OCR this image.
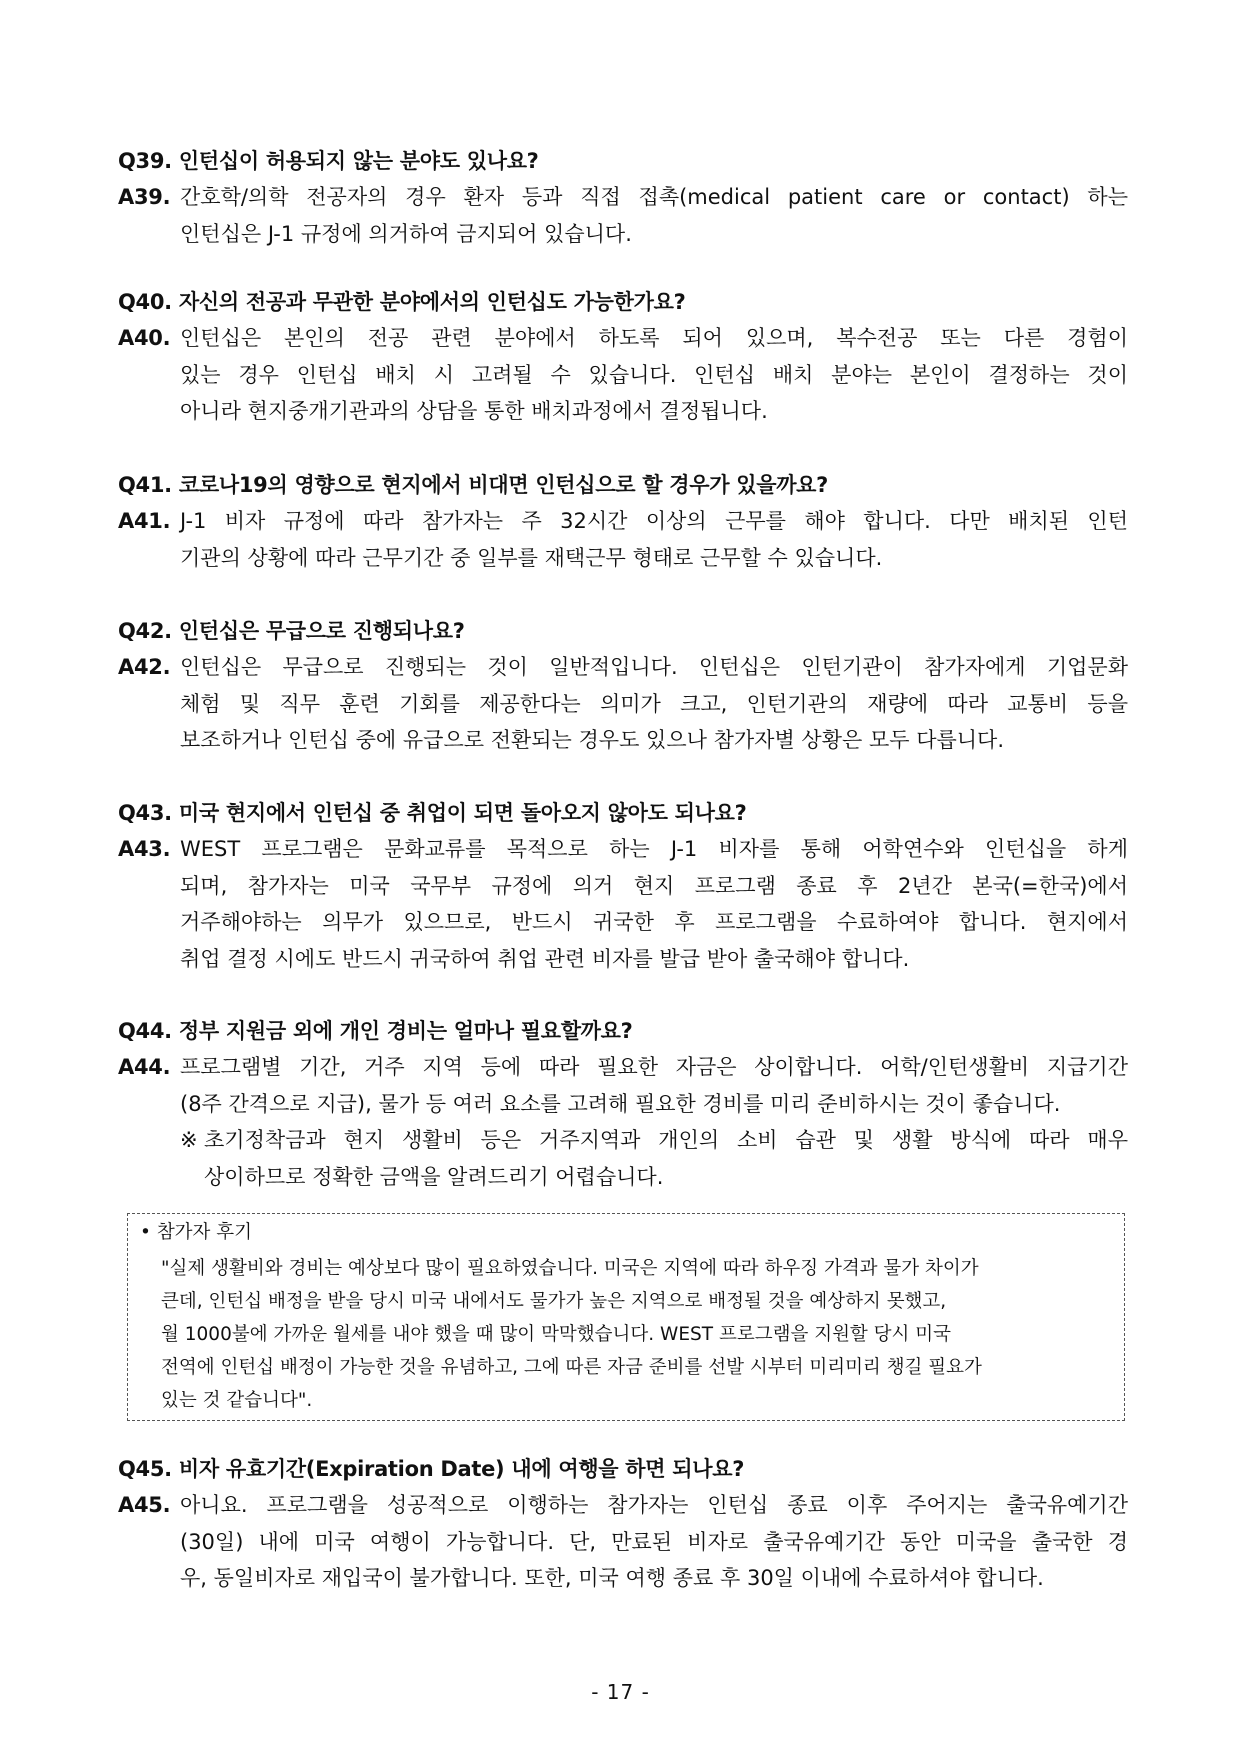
Q39. 인턴십이 허용되지 않는 분야도 있나요?
A39. 간호학/의학 전공자의 경우 환자 등과 직접 접촉(medical patient care or contact) 하는
인턴십은 J-1 규정에 의거하여 금지되어 있습니다.
Q40. 자신의 전공과 무관한 분야에서의 인턴십도 가능한가요?
A40. 인턴십은 본인의 전공 관련 분야에서 하도록 되어 있으며, 복수전공 또는 다른 경험이
있는 경우 인턴십 배치 시 고려될 수 있습니다. 인턴십 배치 분야는 본인이 결정하는 것이
아니라 현지중개기관과의 상담을 통한 배치과정에서 결정됩니다.
Q41. 코로나19의 영향으로 현지에서 비대면 인턴십으로 할 경우가 있을까요?
A41. J-1 비자 규정에 따라 참가자는 주 32시간 이상의 근무를 해야 합니다. 다만 배치된 인턴
기관의 상황에 따라 근무기간 중 일부를 재택근무 형태로 근무할 수 있습니다.
Q42. 인턴십은 무급으로 진행되나요?
A42. 인턴십은 무급으로 진행되는 것이 일반적입니다. 인턴십은 인턴기관이 참가자에게 기업문화
체험 및 직무 훈련 기회를 제공한다는 의미가 크고, 인턴기관의 재량에 따라 교통비 등을
보조하거나 인턴십 중에 유급으로 전환되는 경우도 있으나 참가자별 상황은 모두 다릅니다.
Q43. 미국 현지에서 인턴십 중 취업이 되면 돌아오지 않아도 되나요?
A43. WEST 프로그램은 문화교류를 목적으로 하는 J-1 비자를 통해 어학연수와 인턴십을 하게
되며, 참가자는 미국 국무부 규정에 의거 현지 프로그램 종료 후 2년간 본국(=한국)에서
거주해야하는 의무가 있으므로, 반드시 귀국한 후 프로그램을 수료하여야 합니다. 현지에서
취업 결정 시에도 반드시 귀국하여 취업 관련 비자를 발급 받아 출국해야 합니다.
Q44. 정부 지원금 외에 개인 경비는 얼마나 필요할까요?
A44. 프로그램별 기간, 거주 지역 등에 따라 필요한 자금은 상이합니다. 어학/인턴생활비 지급기간
(8주 간격으로 지급), 물가 등 여러 요소를 고려해 필요한 경비를 미리 준비하시는 것이 좋습니다.
※ 초기정착금과 현지 생활비 등은 거주지역과 개인의 소비 습관 및 생활 방식에 따라 매우
상이하므로 정확한 금액을 알려드리기 어렵습니다.
• 참가자 후기
"실제 생활비와 경비는 예상보다 많이 필요하였습니다. 미국은 지역에 따라 하우징 가격과 물가 차이가
큰데, 인턴십 배정을 받을 당시 미국 내에서도 물가가 높은 지역으로 배정될 것을 예상하지 못했고,
월 1000불에 가까운 월세를 내야 했을 때 많이 막막했습니다. WEST 프로그램을 지원할 당시 미국
전역에 인턴십 배정이 가능한 것을 유념하고, 그에 따른 자금 준비를 선발 시부터 미리미리 챙길 필요가
있는 것 같습니다".
Q45. 비자 유효기간(Expiration Date) 내에 여행을 하면 되나요?
A45. 아니요. 프로그램을 성공적으로 이행하는 참가자는 인턴십 종료 이후 주어지는 출국유예기간
(30일) 내에 미국 여행이 가능합니다. 단, 만료된 비자로 출국유예기간 동안 미국을 출국한 경
우, 동일비자로 재입국이 불가합니다. 또한, 미국 여행 종료 후 30일 이내에 수료하셔야 합니다.
- 17 -
